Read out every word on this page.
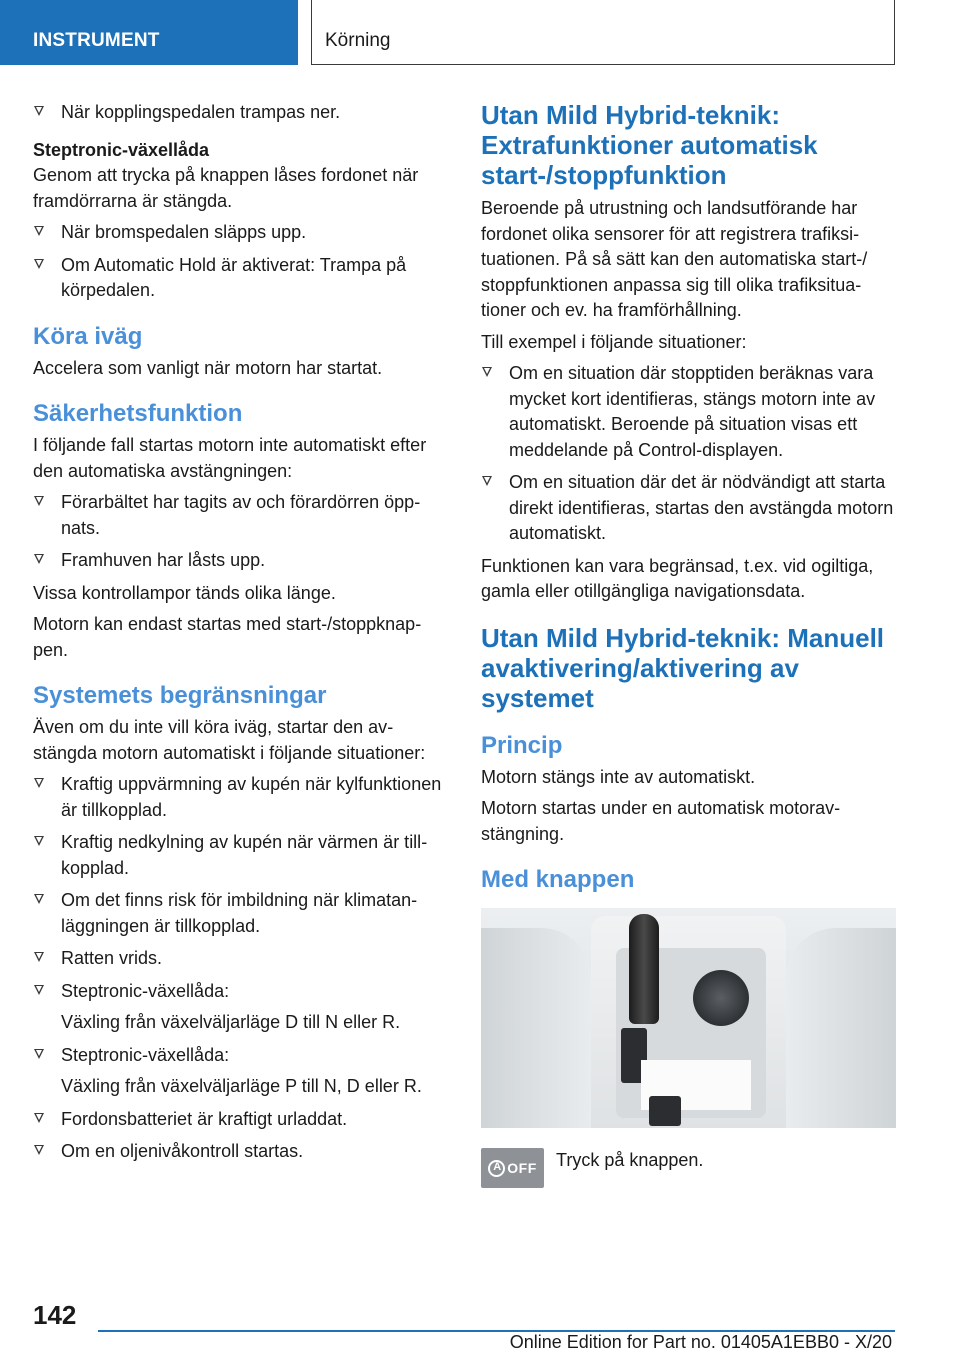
INSTRUMENT	Körning
När kopplingspedalen trampas ner.

Steptronic-växellåda

Genom att trycka på knappen låses fordonet när framdörrarna är stängda.

När bromspedalen släpps upp.
Om Automatic Hold är aktiverat: Trampa på körpedalen.
Köra iväg

Accelera som vanligt när motorn har startat.

Säkerhetsfunktion

I följande fall startas motorn inte automatiskt efter den automatiska avstängningen:

Förarbältet har tagits av och förardörren öppnats.
Framhuven har låsts upp.

Vissa kontrollampor tänds olika länge.

Motorn kan endast startas med start-/stoppknappen.

Systemets begränsningar

Även om du inte vill köra iväg, startar den avstängda motorn automatiskt i följande situationer:

Kraftig uppvärmning av kupén när kylfunktionen är tillkopplad.
Kraftig nedkylning av kupén när värmen är tillkopplad.
Om det finns risk för imbildning när klimatanläggningen är tillkopplad.
Ratten vrids.
Steptronic-växellåda:
Växling från växelväljarläge D till N eller R.
Steptronic-växellåda:
Växling från växelväljarläge P till N, D eller R.
Fordonsbatteriet är kraftigt urladdat.
Om en oljenivåkontroll startas.
Utan Mild Hybrid-teknik: Extrafunktioner automatisk start-/stoppfunktion

Beroende på utrustning och landsutförande har fordonet olika sensorer för att registrera trafiksituationen. På så sätt kan den automatiska start-/ stoppfunktionen anpassa sig till olika trafiksituationer och ev. ha framförhållning.

Till exempel i följande situationer:

Om en situation där stopptiden beräknas vara mycket kort identifieras, stängs motorn inte av automatiskt. Beroende på situation visas ett meddelande på Control-displayen.
Om en situation där det är nödvändigt att starta direkt identifieras, startas den avstängda motorn automatiskt.

Funktionen kan vara begränsad, t.ex. vid ogiltiga, gamla eller otillgängliga navigationsdata.

Utan Mild Hybrid-teknik: Manuell avaktivering/aktivering av systemet
Princip

Motorn stängs inte av automatiskt.

Motorn startas under en automatisk motoravstängning.

Med knappen
A
OFF Tryck på knappen.
142
Online Edition for Part no. 01405A1EBB0 - X/20
